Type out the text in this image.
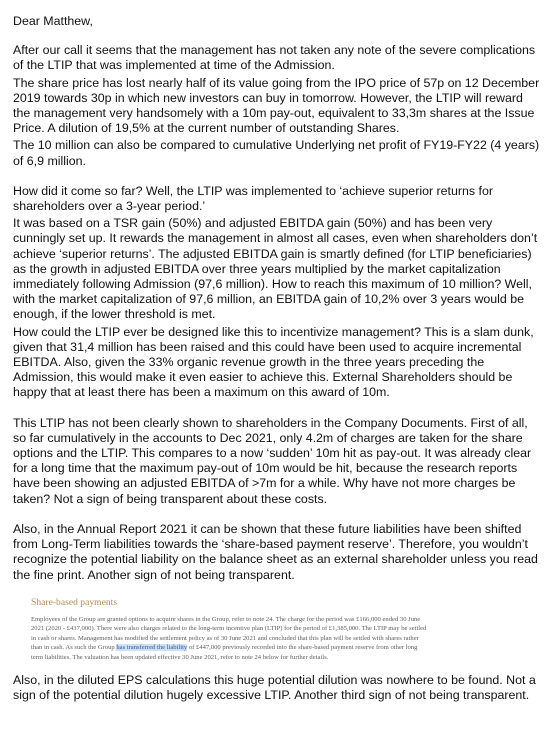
Dear Matthew,

After our call it seems that the management has not taken any note of the severe complications of the LTIP that was implemented at time of the Admission.

The share price has lost nearly half of its value going from the IPO price of 57p on 12 December 2019 towards 30p in which new investors can buy in tomorrow. However, the LTIP will reward the management very handsomely with a 10m pay-out, equivalent to 33,3m shares at the Issue Price. A dilution of 19,5% at the current number of outstanding Shares.

The 10 million can also be compared to cumulative Underlying net profit of FY19-FY22 (4 years) of 6,9 million.

How did it come so far? Well, the LTIP was implemented to ‘achieve superior returns for shareholders over a 3-year period.’

It was based on a TSR gain (50%) and adjusted EBITDA gain (50%) and has been very cunningly set up. It rewards the management in almost all cases, even when shareholders don’t achieve ‘superior returns’. The adjusted EBITDA gain is smartly defined (for LTIP beneficiaries) as the growth in adjusted EBITDA over three years multiplied by the market capitalization immediately following Admission (97,6 million). How to reach this maximum of 10 million? Well, with the market capitalization of 97,6 million, an EBITDA gain of 10,2% over 3 years would be enough, if the lower threshold is met.

How could the LTIP ever be designed like this to incentivize management? This is a slam dunk, given that 31,4 million has been raised and this could have been used to acquire incremental EBITDA. Also, given the 33% organic revenue growth in the three years preceding the Admission, this would make it even easier to achieve this. External Shareholders should be happy that at least there has been a maximum on this award of 10m.

This LTIP has not been clearly shown to shareholders in the Company Documents. First of all, so far cumulatively in the accounts to Dec 2021, only 4.2m of charges are taken for the share options and the LTIP. This compares to a now ‘sudden’ 10m hit as pay-out. It was already clear for a long time that the maximum pay-out of 10m would be hit, because the research reports have been showing an adjusted EBITDA of >7m for a while. Why have not more charges be taken? Not a sign of being transparent about these costs.

Also, in the Annual Report 2021 it can be shown that these future liabilities have been shifted from Long-Term liabilities towards the ‘share-based payment reserve’. Therefore, you wouldn’t recognize the potential liability on the balance sheet as an external shareholder unless you read the fine print. Another sign of not being transparent.

Share-based payments
Employees of the Group are granted options to acquire shares in the Group, refer to note 24. The charge for the period was £166,000 ended 30 June 2021 (2020 - £437,000). There were also charges related to the long-term incentive plan (LTIP) for the period of £1,385,000. The LTIP may be settled in cash or shares. Management has modified the settlement policy as of 30 June 2021 and concluded that this plan will be settled with shares rather than in cash. As such the Group has transferred the liability of £447,000 previously recorded into the share-based payment reserve from other long term liabilities. The valuation has been updated effective 30 June 2021, refer to note 24 below for further details.

Also, in the diluted EPS calculations this huge potential dilution was nowhere to be found. Not a sign of the potential dilution hugely excessive LTIP. Another third sign of not being transparent.
